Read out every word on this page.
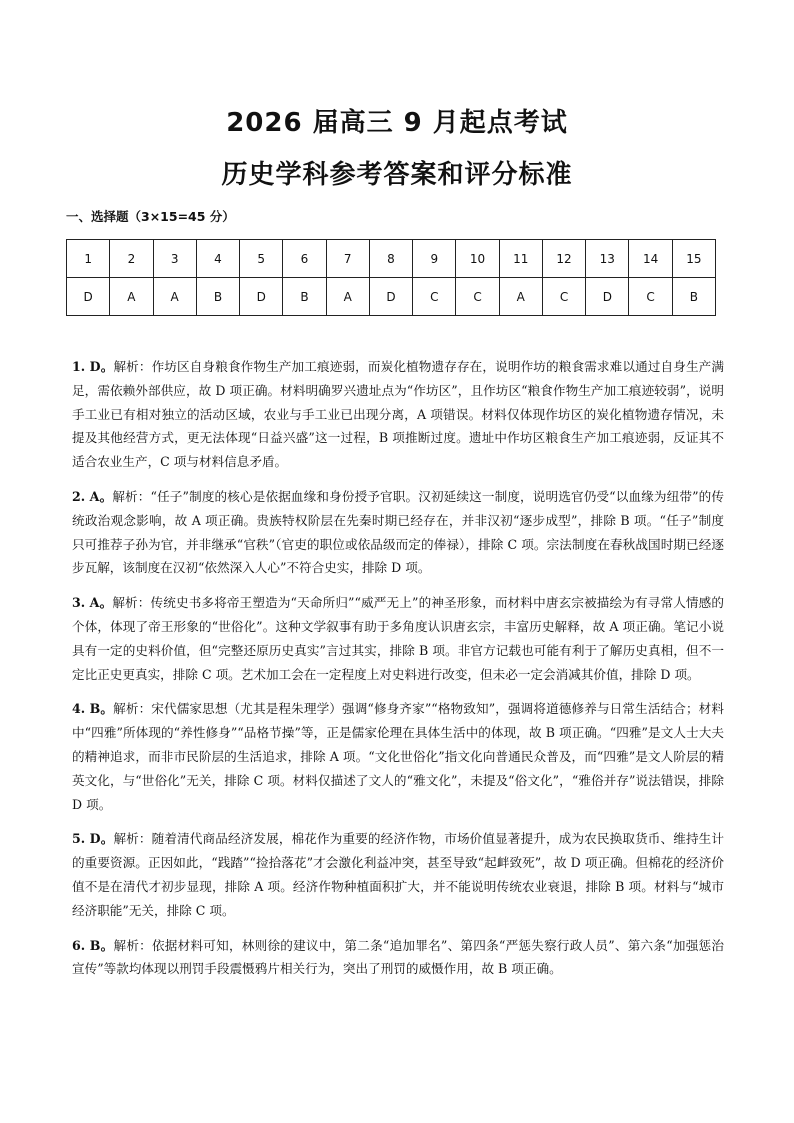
2026 届高三 9 月起点考试
历史学科参考答案和评分标准
一、选择题（3×15=45 分）
1	2	3	4	5	6	7	8	9	10	11	12	13	14	15
D	A	A	B	D	B	A	D	C	C	A	C	D	C	B

1. D。解析：作坊区自身粮食作物生产加工痕迹弱，而炭化植物遗存存在，说明作坊的粮食需求难以通过自身生产满足，需依赖外部供应，故 D 项正确。材料明确罗兴遗址点为“作坊区”，且作坊区“粮食作物生产加工痕迹较弱”，说明手工业已有相对独立的活动区域，农业与手工业已出现分离，A 项错误。材料仅体现作坊区的炭化植物遗存情况，未提及其他经营方式，更无法体现“日益兴盛”这一过程，B 项推断过度。遗址中作坊区粮食生产加工痕迹弱，反证其不适合农业生产，C 项与材料信息矛盾。

2. A。解析：“任子”制度的核心是依据血缘和身份授予官职。汉初延续这一制度，说明选官仍受“以血缘为纽带”的传统政治观念影响，故 A 项正确。贵族特权阶层在先秦时期已经存在，并非汉初“逐步成型”，排除 B 项。“任子”制度只可推荐子孙为官，并非继承“官秩”（官吏的职位或依品级而定的俸禄），排除 C 项。宗法制度在春秋战国时期已经逐步瓦解，该制度在汉初“依然深入人心”不符合史实，排除 D 项。

3. A。解析：传统史书多将帝王塑造为“天命所归”“威严无上”的神圣形象，而材料中唐玄宗被描绘为有寻常人情感的个体，体现了帝王形象的“世俗化”。这种文学叙事有助于多角度认识唐玄宗，丰富历史解释，故 A 项正确。笔记小说具有一定的史料价值，但“完整还原历史真实”言过其实，排除 B 项。非官方记载也可能有利于了解历史真相，但不一定比正史更真实，排除 C 项。艺术加工会在一定程度上对史料进行改变，但未必一定会消减其价值，排除 D 项。

4. B。解析：宋代儒家思想（尤其是程朱理学）强调“修身齐家”“格物致知”，强调将道德修养与日常生活结合；材料中“四雅”所体现的“养性修身”“品格节操”等，正是儒家伦理在具体生活中的体现，故 B 项正确。“四雅”是文人士大夫的精神追求，而非市民阶层的生活追求，排除 A 项。“文化世俗化”指文化向普通民众普及，而“四雅”是文人阶层的精英文化，与“世俗化”无关，排除 C 项。材料仅描述了文人的“雅文化”，未提及“俗文化”，“雅俗并存”说法错误，排除 D 项。

5. D。解析：随着清代商品经济发展，棉花作为重要的经济作物，市场价值显著提升，成为农民换取货币、维持生计的重要资源。正因如此，“践踏”“捡拾落花”才会激化利益冲突，甚至导致“起衅致死”，故 D 项正确。但棉花的经济价值不是在清代才初步显现，排除 A 项。经济作物种植面积扩大，并不能说明传统农业衰退，排除 B 项。材料与“城市经济职能”无关，排除 C 项。

6. B。解析：依据材料可知，林则徐的建议中，第二条“追加罪名”、第四条“严惩失察行政人员”、第六条“加强惩治宣传”等款均体现以刑罚手段震慑鸦片相关行为，突出了刑罚的威慑作用，故 B 项正确。
